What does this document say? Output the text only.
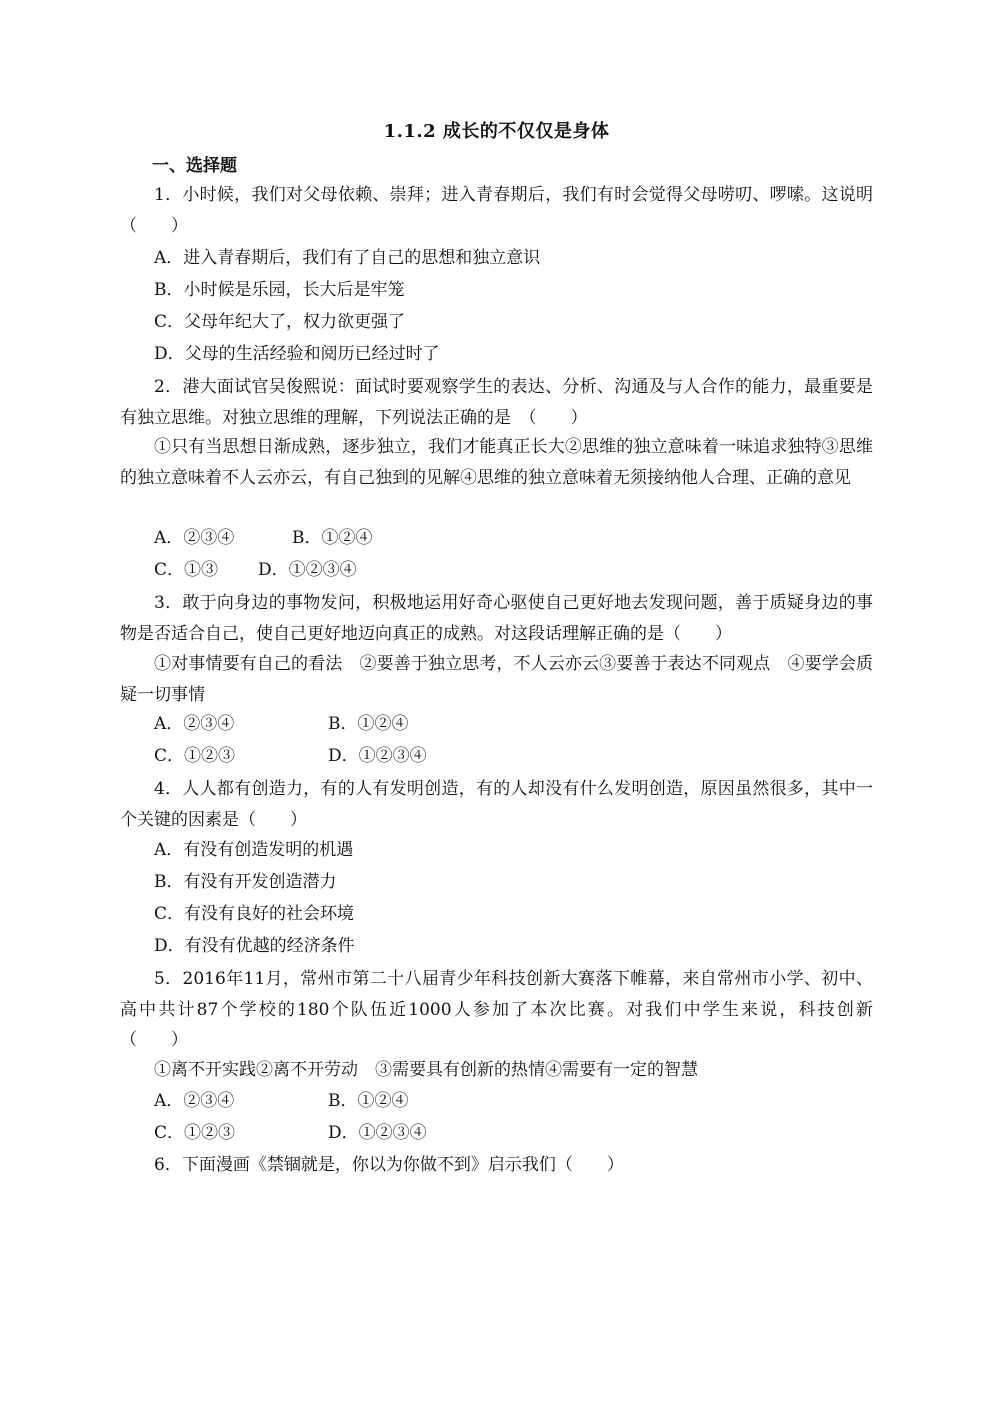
1.1.2 成长的不仅仅是身体
一、选择题
1．小时候，我们对父母依赖、崇拜；进入青春期后，我们有时会觉得父母唠叨、啰嗦。这说明（　　）
A．进入青春期后，我们有了自己的思想和独立意识
B．小时候是乐园，长大后是牢笼
C．父母年纪大了，权力欲更强了
D．父母的生活经验和阅历已经过时了
2．港大面试官吴俊熙说：面试时要观察学生的表达、分析、沟通及与人合作的能力，最重要是有独立思维。对独立思维的理解，下列说法正确的是　（　　）
①只有当思想日渐成熟，逐步独立，我们才能真正长大②思维的独立意味着一味追求独特③思维的独立意味着不人云亦云，有自己独到的见解④思维的独立意味着无须接纳他人合理、正确的意见
A．②③④	B．①②④
C．①③ D．①②③④
3．敢于向身边的事物发问，积极地运用好奇心驱使自己更好地去发现问题，善于质疑身边的事物是否适合自己，使自己更好地迈向真正的成熟。对这段话理解正确的是（　　）
①对事情要有自己的看法　②要善于独立思考，不人云亦云③要善于表达不同观点　④要学会质疑一切事情
A．②③④	B．①②④
C．①②③	D．①②③④
4．人人都有创造力，有的人有发明创造，有的人却没有什么发明创造，原因虽然很多，其中一个关键的因素是（　　）
A．有没有创造发明的机遇
B．有没有开发创造潜力
C．有没有良好的社会环境
D．有没有优越的经济条件
5．2016年11月，常州市第二十八届青少年科技创新大赛落下帷幕，来自常州市小学、初中、高中共计87个学校的180个队伍近1000人参加了本次比赛。对我们中学生来说，科技创新　　（　　）
①离不开实践②离不开劳动　③需要具有创新的热情④需要有一定的智慧
A．②③④	B．①②④
C．①②③	D．①②③④
6．下面漫画《禁锢就是，你以为你做不到》启示我们（　　）
